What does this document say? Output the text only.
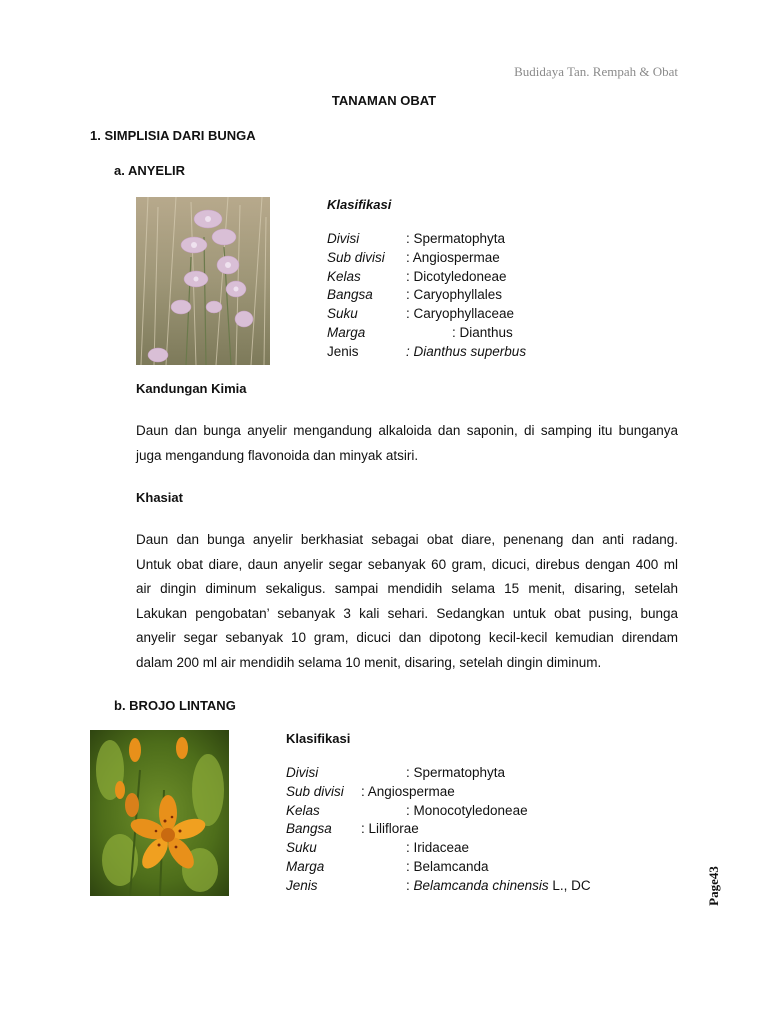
Budidaya Tan. Rempah & Obat
TANAMAN OBAT
1. SIMPLISIA DARI BUNGA
a. ANYELIR
Klasifikasi
Divisi	: Spermatophyta
Sub divisi : Angiospermae
Kelas	: Dicotyledoneae
Bangsa : Caryophyllales
Suku	: Caryophyllaceae
Marga	: Dianthus
Jenis	: Dianthus superbus
Kandungan Kimia
Daun dan bunga anyelir mengandung alkaloida dan saponin, di samping itu bunganya
juga mengandung flavonoida dan minyak atsiri.
Khasiat
Daun dan bunga anyelir berkhasiat sebagai obat diare, penenang dan anti radang.
Untuk obat diare, daun anyelir segar sebanyak 60 gram, dicuci, direbus dengan 400 ml
air dingin diminum sekaligus. sampai mendidih selama 15 menit, disaring, setelah
Lakukan pengobatan’ sebanyak 3 kali sehari. Sedangkan untuk obat pusing, bunga
anyelir segar sebanyak 10 gram, dicuci dan dipotong kecil-kecil kemudian direndam
dalam 200 ml air mendidih selama 10 menit, disaring, setelah dingin diminum.
b. BROJO LINTANG
Klasifikasi
Divisi	: Spermatophyta
Sub divisi : Angiospermae
Kelas	: Monocotyledoneae
Bangsa : Liliflorae
Suku	: Iridaceae
Marga	: Belamcanda
Jenis	: Belamcanda chinensis L., DC	Page43
